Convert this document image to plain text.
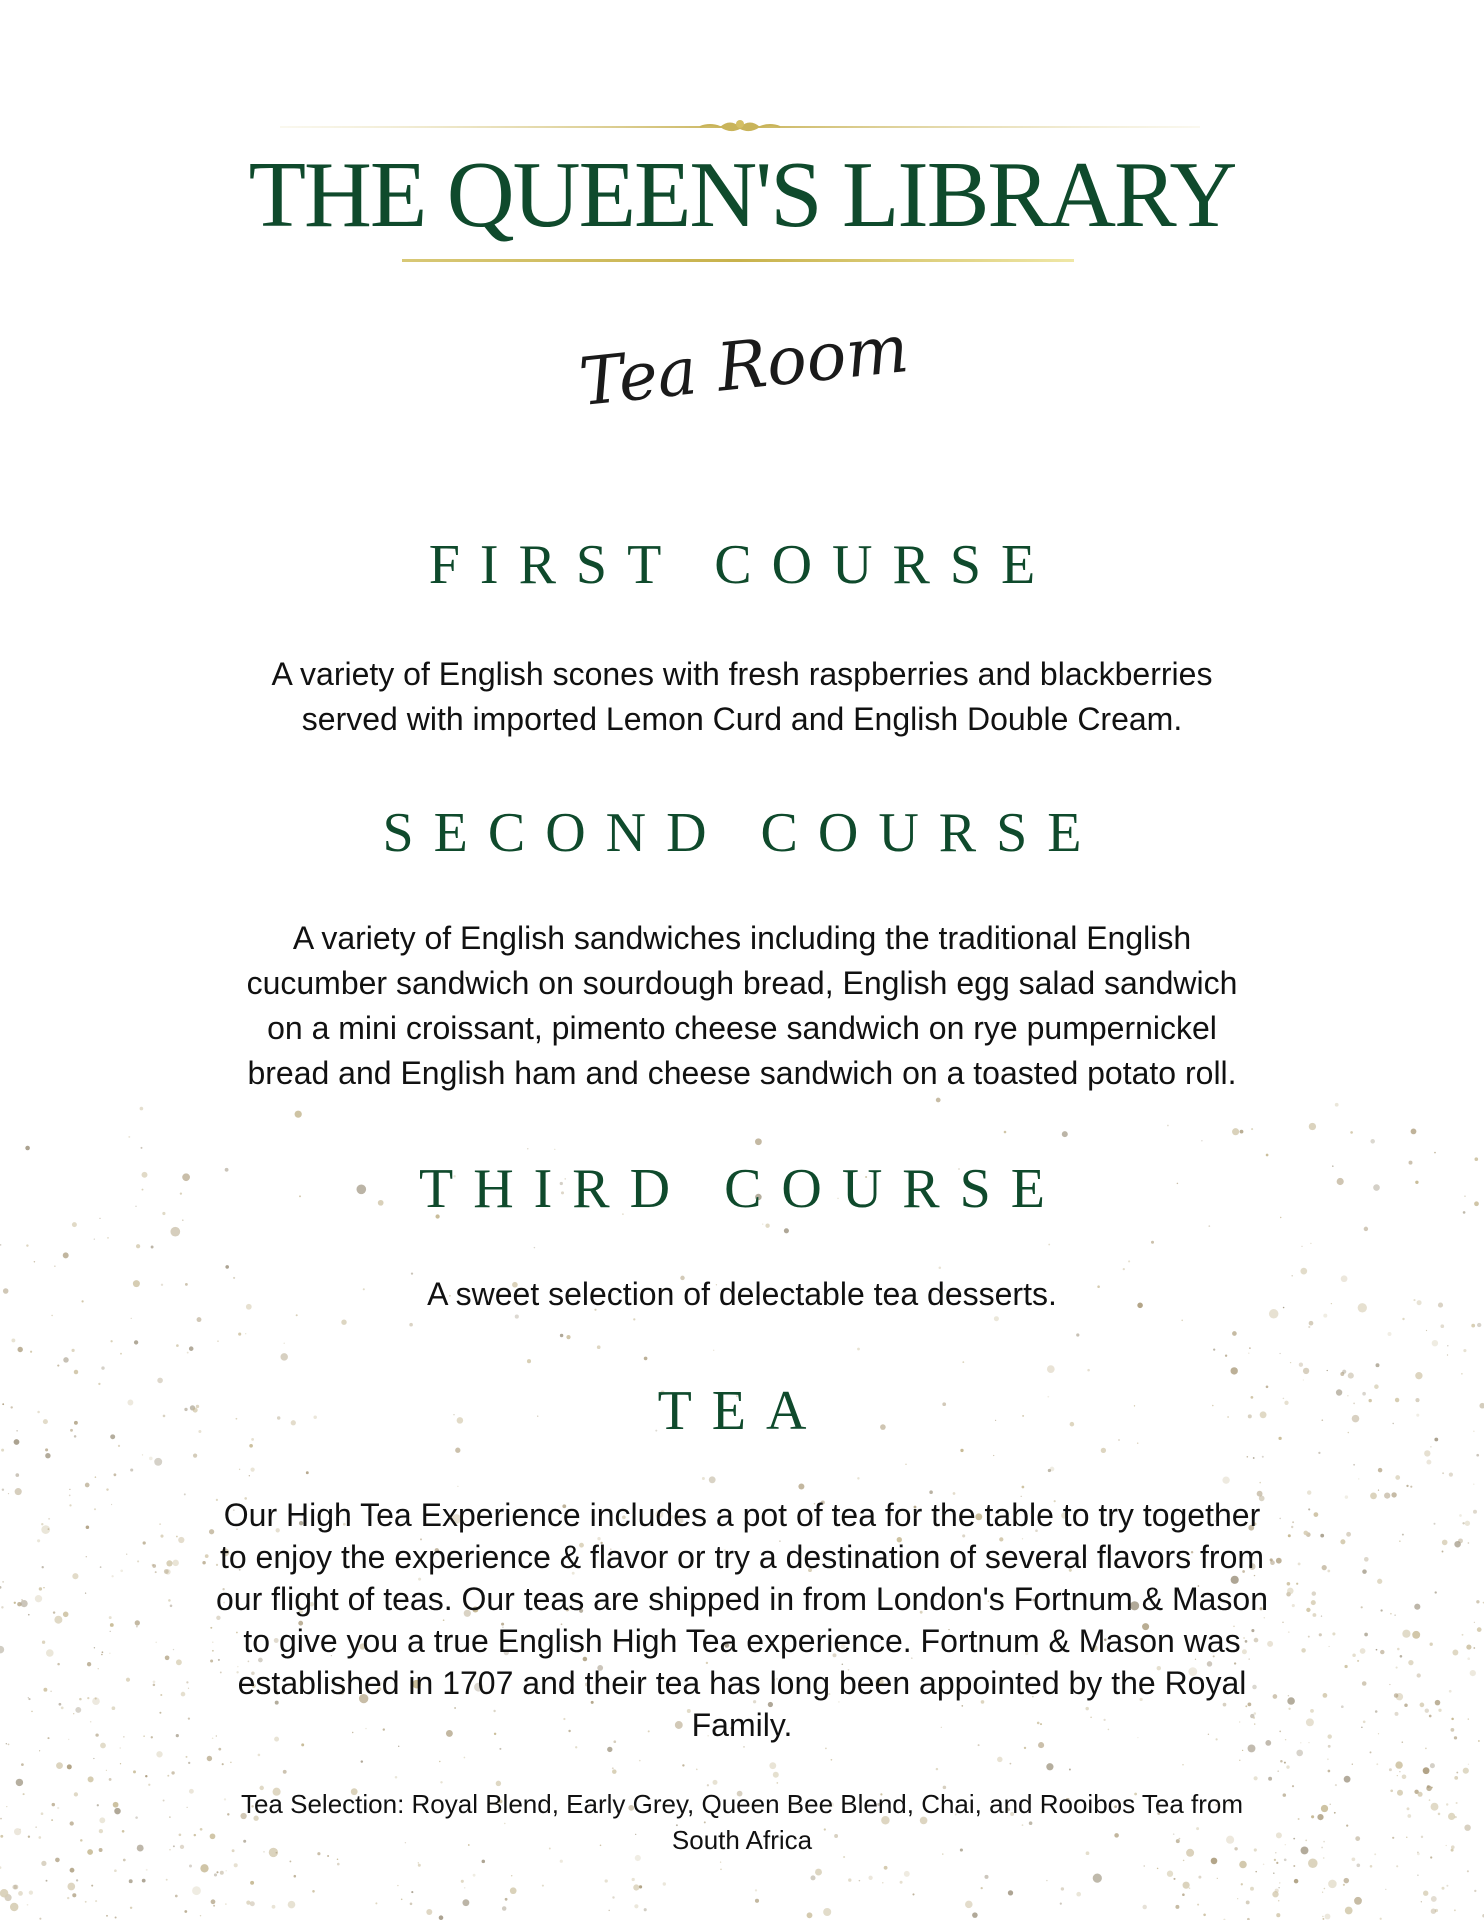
THE QUEEN'S LIBRARY
Tea Room
FIRST COURSE
A variety of English scones with fresh raspberries and blackberries
served with imported Lemon Curd and English Double Cream.
SECOND COURSE
A variety of English sandwiches including the traditional English
cucumber sandwich on sourdough bread, English egg salad sandwich
on a mini croissant, pimento cheese sandwich on rye pumpernickel
bread and English ham and cheese sandwich on a toasted potato roll.
THIRD COURSE
A sweet selection of delectable tea desserts.
TEA
Our High Tea Experience includes a pot of tea for the table to try together
to enjoy the experience & flavor or try a destination of several flavors from
our flight of teas. Our teas are shipped in from London's Fortnum & Mason
to give you a true English High Tea experience. Fortnum & Mason was
established in 1707 and their tea has long been appointed by the Royal
Family.
Tea Selection: Royal Blend, Early Grey, Queen Bee Blend, Chai, and Rooibos Tea from
South Africa
